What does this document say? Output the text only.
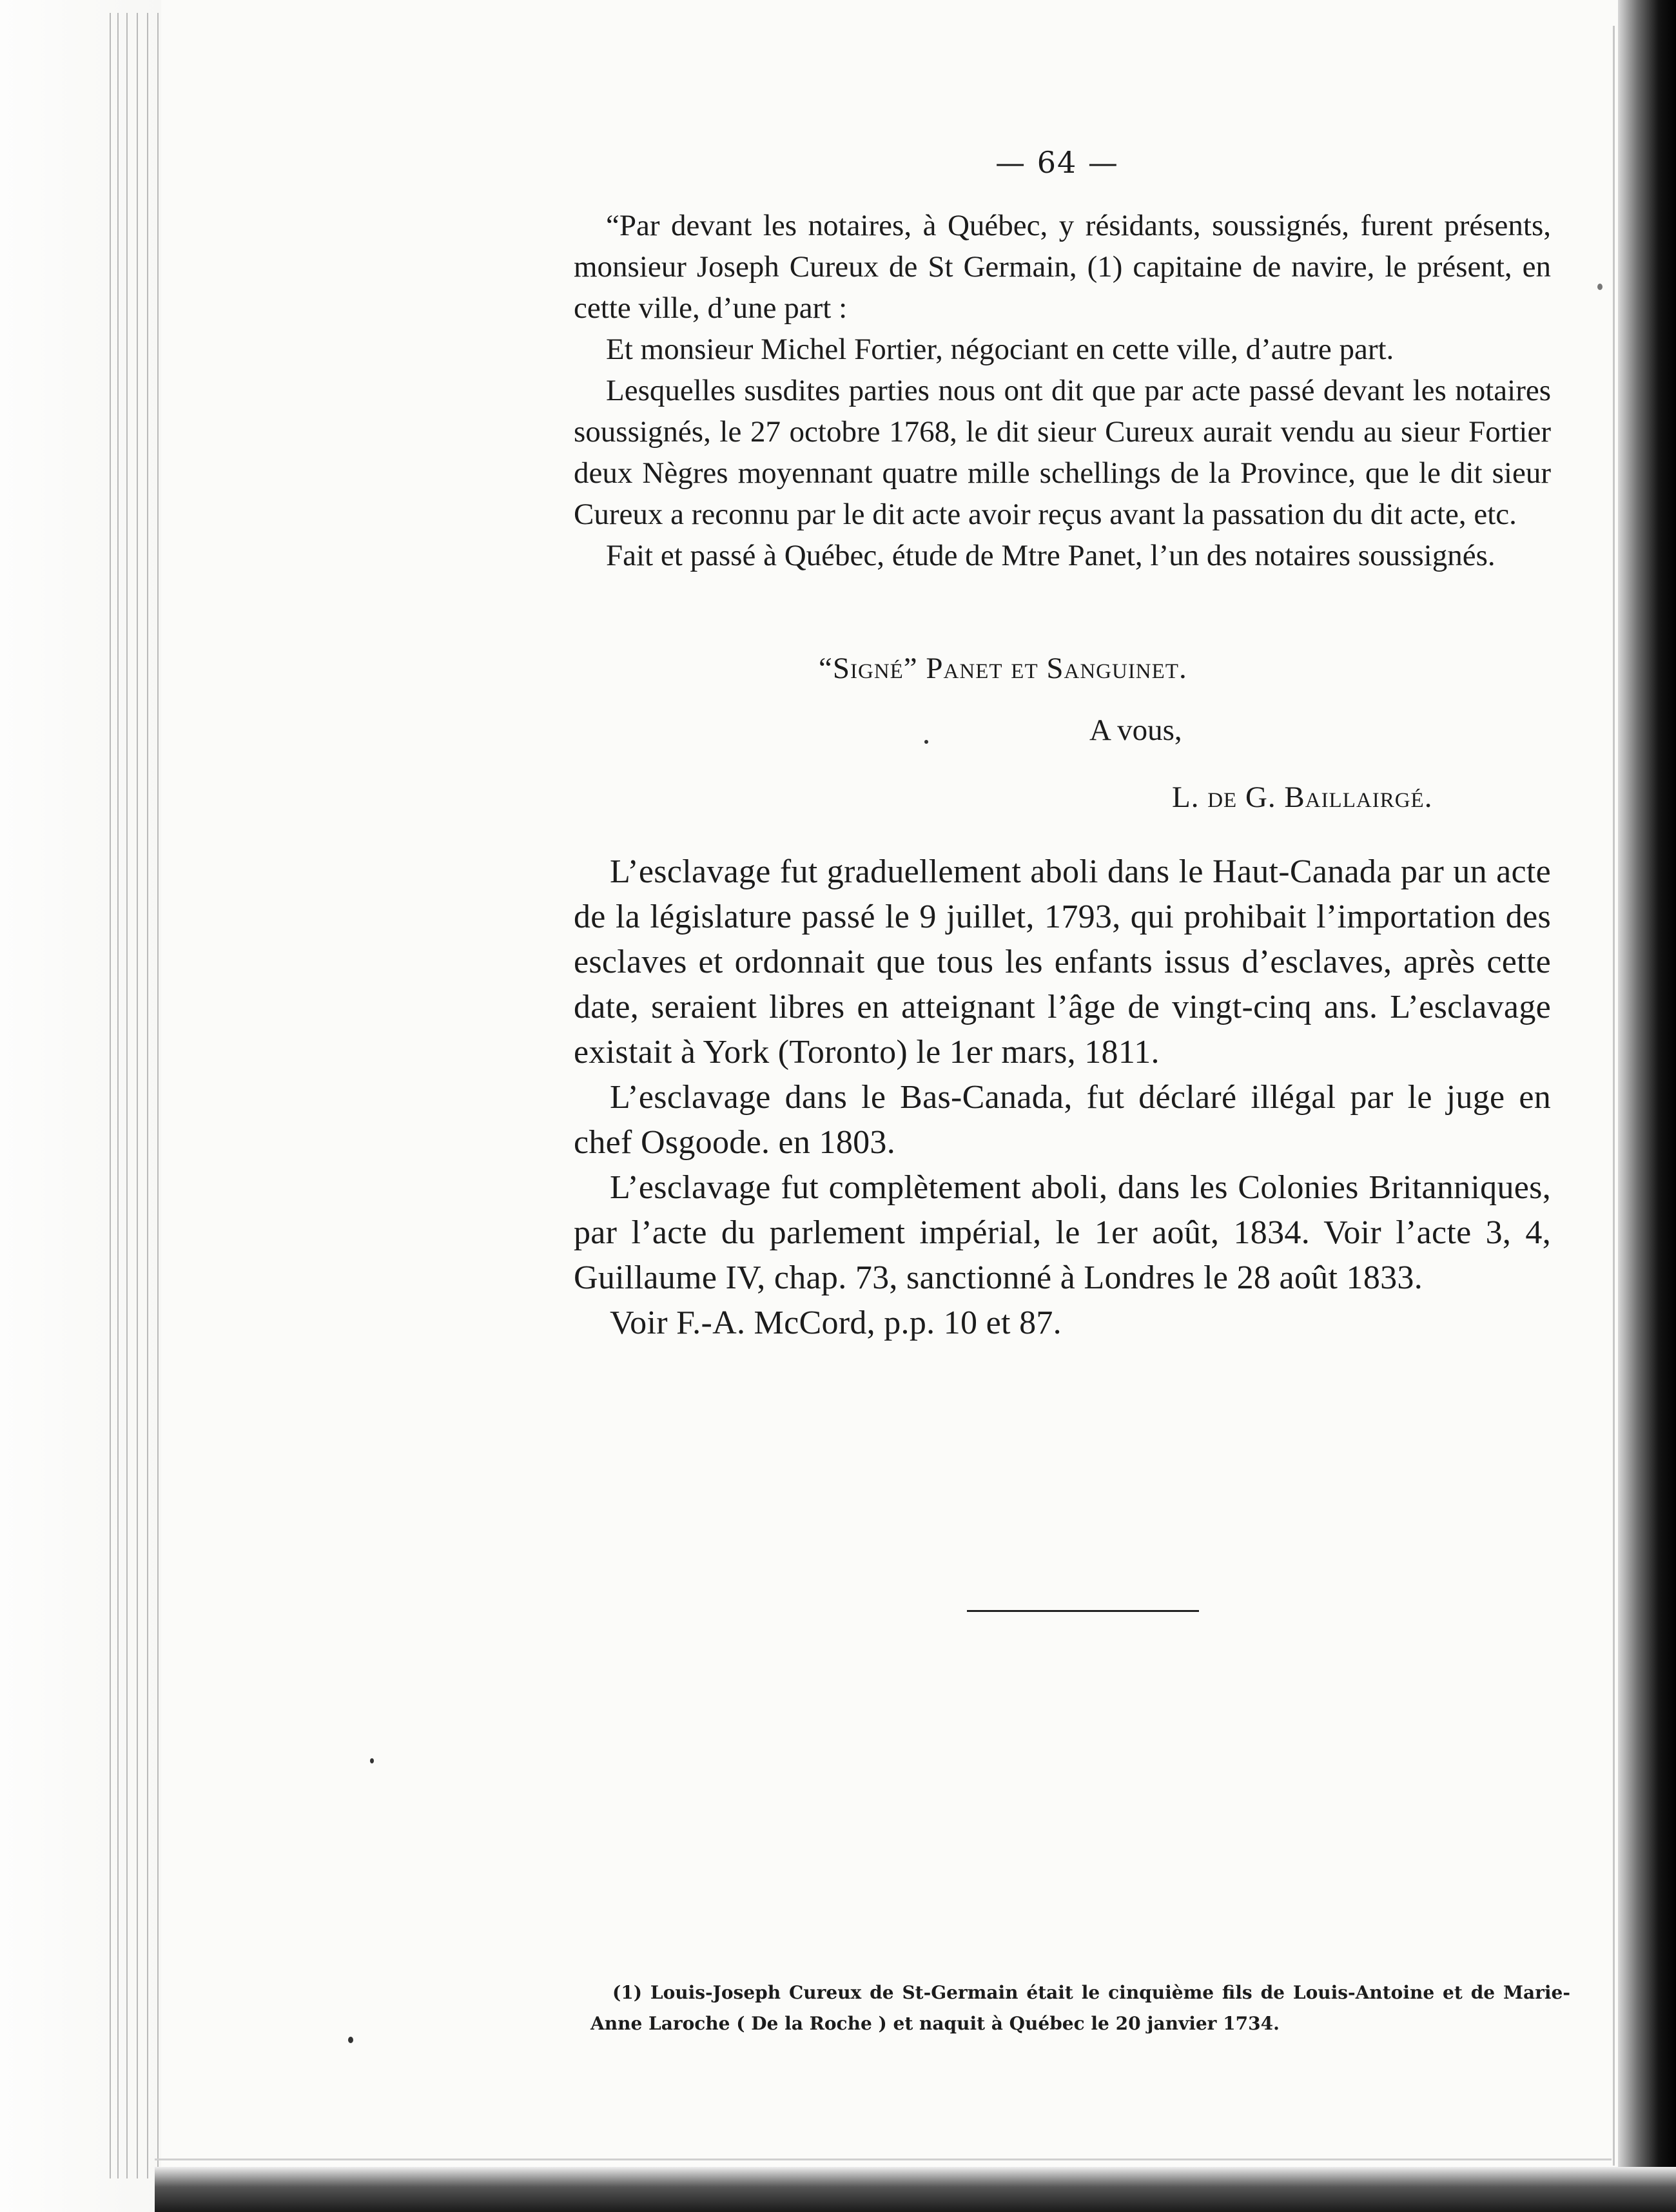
— 64 —

“Par devant les notaires, à Québec, y résidants, soussignés, furent présents, monsieur Joseph Cureux de St Germain, (1) capitaine de navire, le présent, en cette ville, d’une part :

Et monsieur Michel Fortier, négociant en cette ville, d’autre part.

Lesquelles susdites parties nous ont dit que par acte passé devant les notaires soussignés, le 27 octobre 1768, le dit sieur Cureux aurait vendu au sieur Fortier deux Nègres moyennant quatre mille schellings de la Province, que le dit sieur Cureux a reconnu par le dit acte avoir reçus avant la passation du dit acte, etc.

Fait et passé à Québec, étude de Mtre Panet, l’un des notaires soussignés.

“Signé” Panet et Sanguinet.
A vous,
L. de G. Baillairgé.

L’esclavage fut graduellement aboli dans le Haut-Canada par un acte de la législature passé le 9 juillet, 1793, qui prohibait l’importation des esclaves et ordonnait que tous les enfants issus d’esclaves, après cette date, seraient libres en atteignant l’âge de vingt-cinq ans. L’esclavage existait à York (Toronto) le 1er mars, 1811.

L’esclavage dans le Bas-Canada, fut déclaré illégal par le juge en chef Osgoode. en 1803.

L’esclavage fut complètement aboli, dans les Colonies Britanniques, par l’acte du parlement impérial, le 1er août, 1834. Voir l’acte 3, 4, Guillaume IV, chap. 73, sanctionné à Londres le 28 août 1833.

Voir F.-A. McCord, p.p. 10 et 87.

(1) Louis-Joseph Cureux de St-Germain était le cinquième fils de Louis-Antoine et de Marie-Anne Laroche ( De la Roche ) et naquit à Québec le 20 janvier 1734.
